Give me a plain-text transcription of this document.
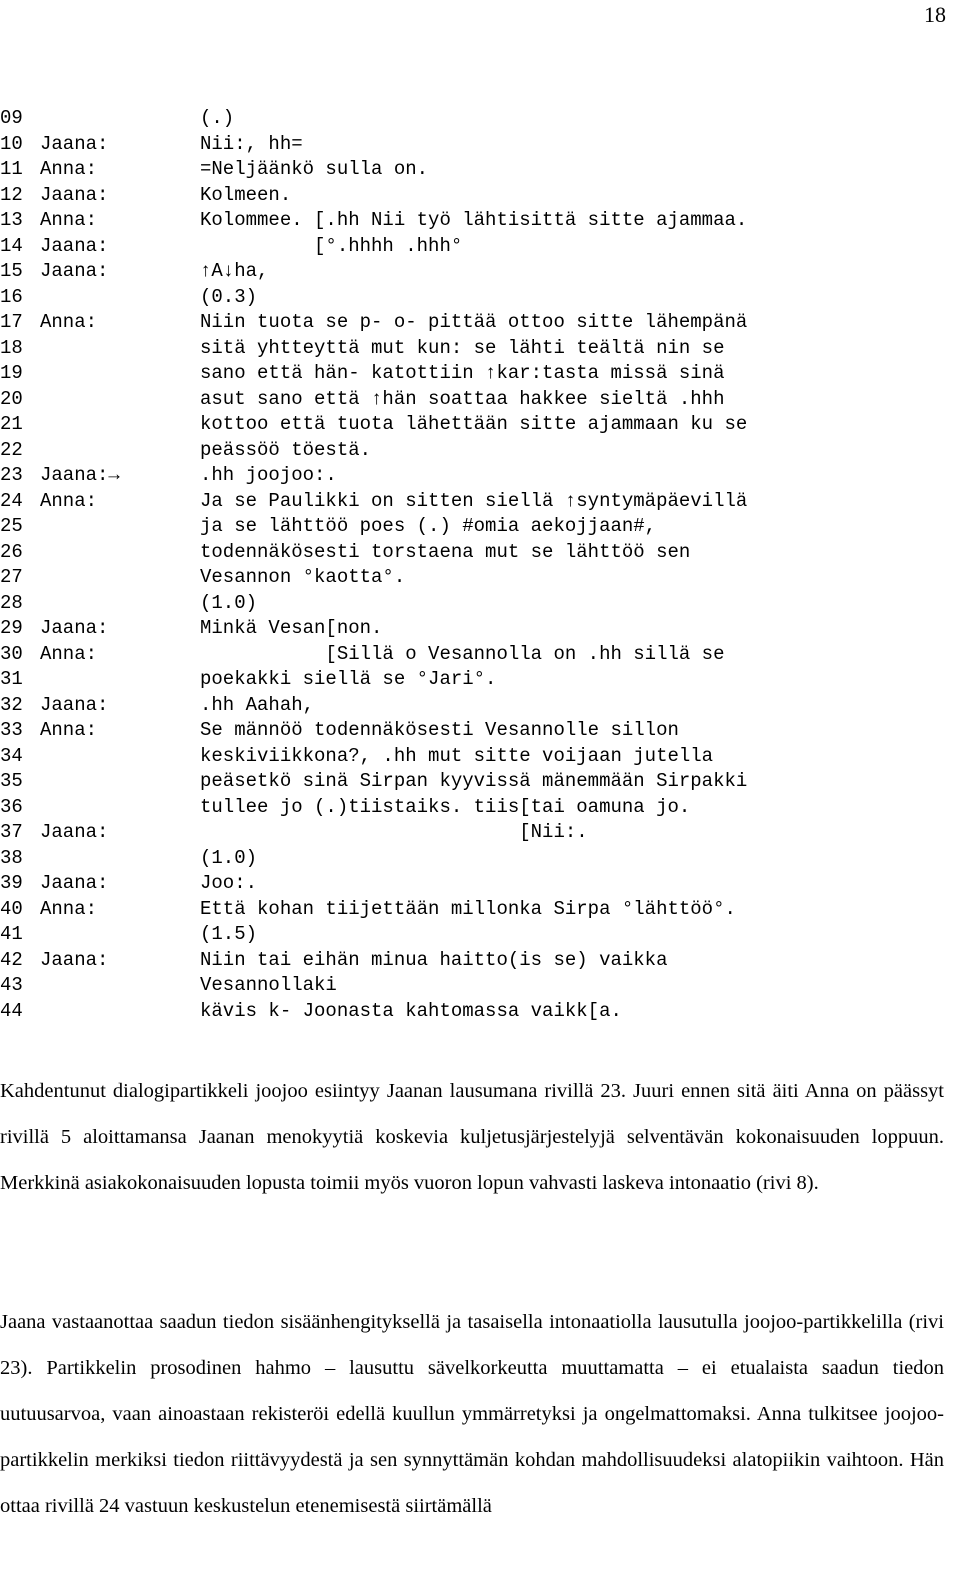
18
09	(.)
10 Jaana:	Nii:, hh=
11 Anna:	=Neljäänkö sulla on.
12 Jaana:	Kolmeen.
13 Anna:	Kolommee. [.hh Nii työ lähtisittä sitte ajammaa.
14 Jaana:	[°.hhhh .hhh°
15 Jaana:	↑A↓ha,
16	(0.3)
17 Anna:	Niin tuota se p- o- pittää ottoo sitte lähempänä
18	sitä yhtteyttä mut kun: se lähti teältä nin se
19	sano että hän- katottiin ↑kar:tasta missä sinä
20	asut sano että ↑hän soattaa hakkee sieltä .hhh
21	kottoo että tuota lähettään sitte ajammaan ku se
22	peässöö töestä.
23 Jaana:→	.hh joojoo:.
24 Anna:	Ja se Paulikki on sitten siellä ↑syntymäpäevillä
25	ja se lähttöö poes (.) #omia aekojjaan#,
26	todennäkösesti torstaena mut se lähttöö sen
27	Vesannon °kaotta°.
28	(1.0)
29 Jaana:	Minkä Vesan[non.
30 Anna:	[Sillä o Vesannolla on .hh sillä se
31	poekakki siellä se °Jari°.
32 Jaana:	.hh Aahah,
33 Anna:	Se männöö todennäkösesti Vesannolle sillon
34	keskiviikkona?, .hh mut sitte voijaan jutella
35	peäsetkö sinä Sirpan kyyvissä mänemmään Sirpakki
36	tullee jo (.)tiistaiks. tiis[tai oamuna jo.
37 Jaana:	[Nii:.
38	(1.0)
39 Jaana:	Joo:.
40 Anna:	Että kohan tiijettään millonka Sirpa °lähttöö°.
41	(1.5)
42 Jaana:	Niin tai eihän minua haitto(is se) vaikka
43	Vesannollaki
44	kävis k- Joonasta kahtomassa vaikk[a.

Kahdentunut dialogipartikkeli joojoo esiintyy Jaanan lausumana rivillä 23. Juuri ennen sitä äiti Anna on päässyt rivillä 5 aloittamansa Jaanan menokyytiä koskevia kuljetusjärjestelyjä selventävän kokonaisuuden loppuun. Merkkinä asiakokonaisuuden lopusta toimii myös vuoron lopun vahvasti laskeva intonaatio (rivi 8).

Jaana vastaanottaa saadun tiedon sisäänhengityksellä ja tasaisella intonaatiolla lausutulla joojoo-partikkelilla (rivi 23). Partikkelin prosodinen hahmo – lausuttu sävelkorkeutta muuttamatta – ei etualaista saadun tiedon uutuusarvoa, vaan ainoastaan rekisteröi edellä kuullun ymmärretyksi ja ongelmattomaksi. Anna tulkitsee joojoo-partikkelin merkiksi tiedon riittävyydestä ja sen synnyttämän kohdan mahdollisuudeksi alatopiikin vaihtoon. Hän ottaa rivillä 24 vastuun keskustelun etenemisestä siirtämällä
